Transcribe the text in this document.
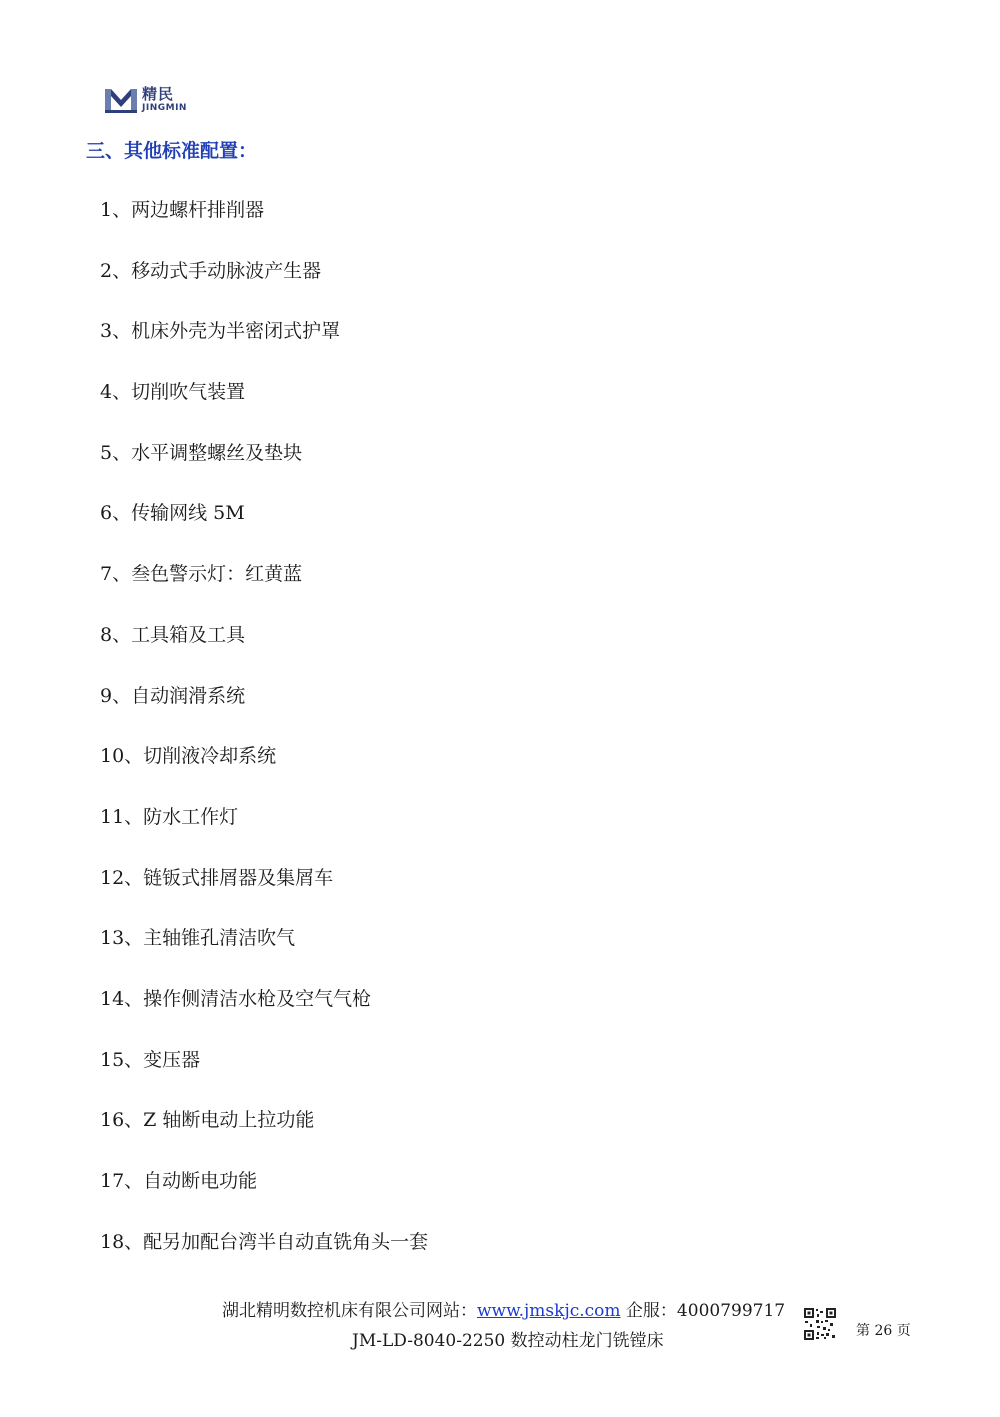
精民
JINGMIN
三、其他标准配置：
1、两边螺杆排削器
2、移动式手动脉波产生器
3、机床外壳为半密闭式护罩
4、切削吹气装置
5、水平调整螺丝及垫块
6、传输网线 5M
7、叁色警示灯：红黄蓝
8、工具箱及工具
9、自动润滑系统
10、切削液冷却系统
11、防水工作灯
12、链钣式排屑器及集屑车
13、主轴锥孔清洁吹气
14、操作侧清洁水枪及空气气枪
15、变压器
16、Z 轴断电动上拉功能
17、自动断电功能
18、配另加配台湾半自动直铣角头一套
湖北精明数控机床有限公司网站：www.jmskjc.com 企服：4000799717
JM-LD-8040-2250 数控动柱龙门铣镗床	第 26 页
